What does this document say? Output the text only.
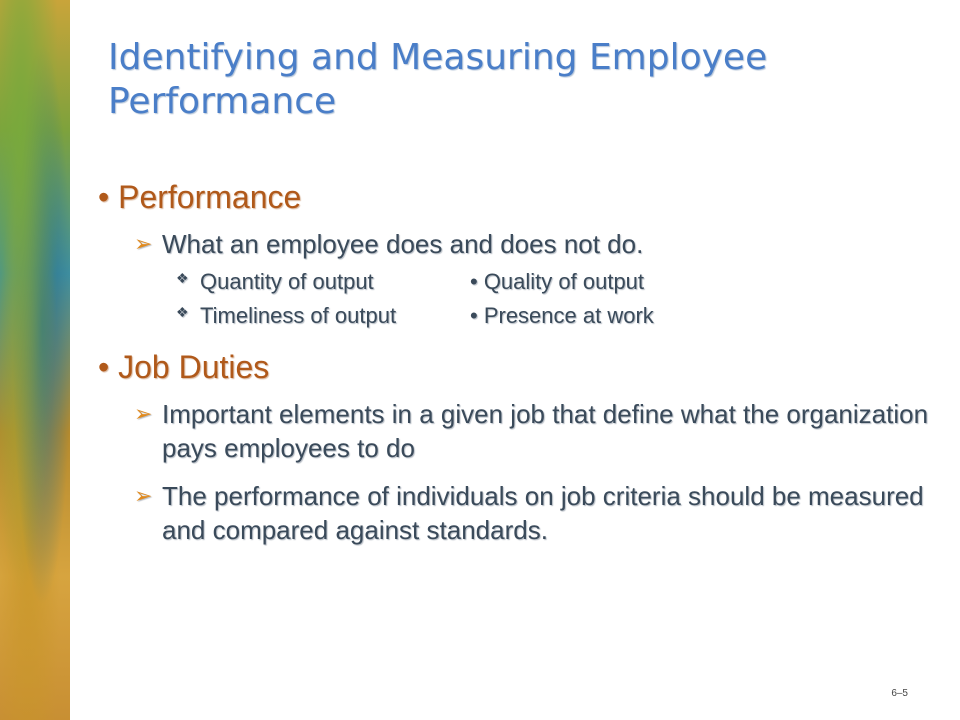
Identifying and Measuring Employee Performance

• Performance

➢ What an employee does and does not do.
❖ Quantity of output	• Quality of output
❖ Timeliness of output	• Presence at work

• Job Duties

➢ Important elements in a given job that define what the organization pays employees to do
➢ The performance of individuals on job criteria should be measured and compared against standards.
6–5
